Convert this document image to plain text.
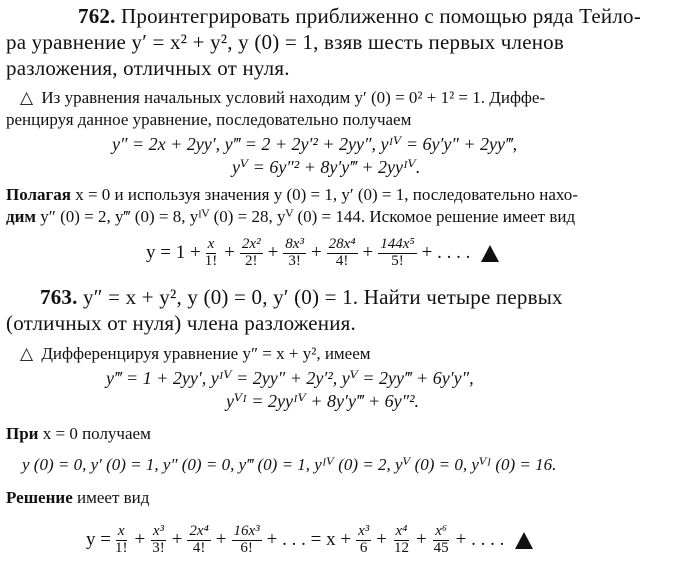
762. Проинтегрировать приближенно с помощью ряда Тейло-
ра уравнение y′ = x² + y², y (0) = 1, взяв шесть первых членов
разложения, отличных от нуля.
△ Из уравнения начальных условий находим y′ (0) = 0² + 1² = 1. Диффе-
ренцируя данное уравнение, последовательно получаем
y″ = 2x + 2yy′, y‴ = 2 + 2y′² + 2yy″, yᴵⱽ = 6y′y″ + 2yy‴,
yⱽ = 6y″² + 8y′y‴ + 2yyᴵⱽ.
Полагая x = 0 и используя значения y (0) = 1, y′ (0) = 1, последовательно нахо-
дим y″ (0) = 2, y‴ (0) = 8, yᴵⱽ (0) = 28, yⱽ (0) = 144. Искомое решение имеет вид
$y = 1 + \frac{x}{1!} + \frac{\text{2x²}}{2!} + \frac{\text{8x³}}{3!} + \frac{\text{28x⁴}}{4!} + \frac{\text{144x⁵}}{5!}$ + . . . .
763. y″ = x + y², y (0) = 0, y′ (0) = 1. Найти четыре первых
(отличных от нуля) члена разложения.
△ Дифференцируя уравнение y″ = x + y², имеем
y‴ = 1 + 2yy′, yᴵⱽ = 2yy″ + 2y′², yⱽ = 2yy‴ + 6y′y″,
yⱽᴵ = 2yyᴵⱽ + 8y′y‴ + 6y″².
При x = 0 получаем
y (0) = 0, y′ (0) = 1, y″ (0) = 0, y‴ (0) = 1, yᴵⱽ (0) = 2, yⱽ (0) = 0, yⱽᴵ (0) = 16.
Решение имеет вид
$y = \frac{x}{1!} + \frac{\text{x³}}{3!} + \frac{\text{2x⁴}}{4!} + \frac{\text{16x³}}{6!}$ + . . . = $x + \frac{\text{x³}}{6} + \frac{\text{x⁴}}{12} + \frac{\text{x⁶}}{45}$ + . . . .
